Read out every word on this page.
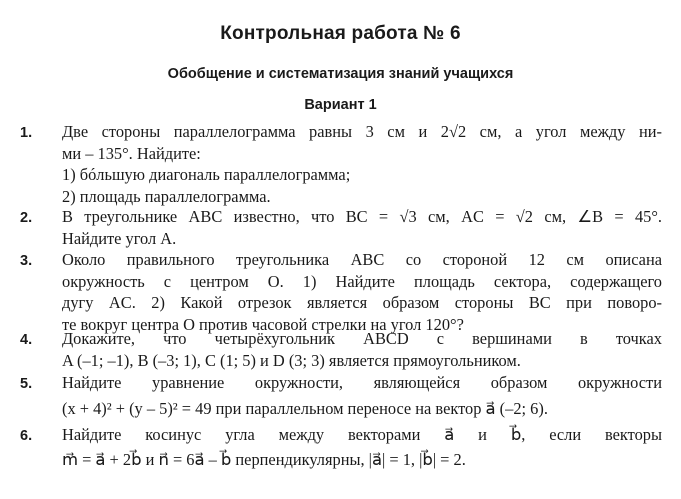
Контрольная работа № 6
Обобщение и систематизация знаний учащихся
Вариант 1
1. Две стороны параллелограмма равны 3 см и 2√2 см, а угол между ни-
ми – 135°. Найдите:
1) бóльшую диагональ параллелограмма;
2) площадь параллелограмма.
2. В треугольнике ABC известно, что BC = √3 см, AC = √2 см, ∠B = 45°.
Найдите угол A.
3. Около правильного треугольника ABC со стороной 12 см описана
окружность с центром O. 1) Найдите площадь сектора, содержащего
дугу AC. 2) Какой отрезок является образом стороны BC при поворо-
те вокруг центра O против часовой стрелки на угол 120°?
4. Докажите, что четырёхугольник ABCD с вершинами в точках
A (–1; –1), B (–3; 1), C (1; 5) и D (3; 3) является прямоугольником.
5. Найдите уравнение окружности, являющейся образом окружности
(x + 4)² + (y – 5)² = 49 при параллельном переносе на вектор a⃗ (–2; 6).
6. Найдите косинус угла между векторами a⃗ и b⃗, если векторы
m⃗ = a⃗ + 2b⃗ и n⃗ = 6a⃗ – b⃗ перпендикулярны, |a⃗| = 1, |b⃗| = 2.
